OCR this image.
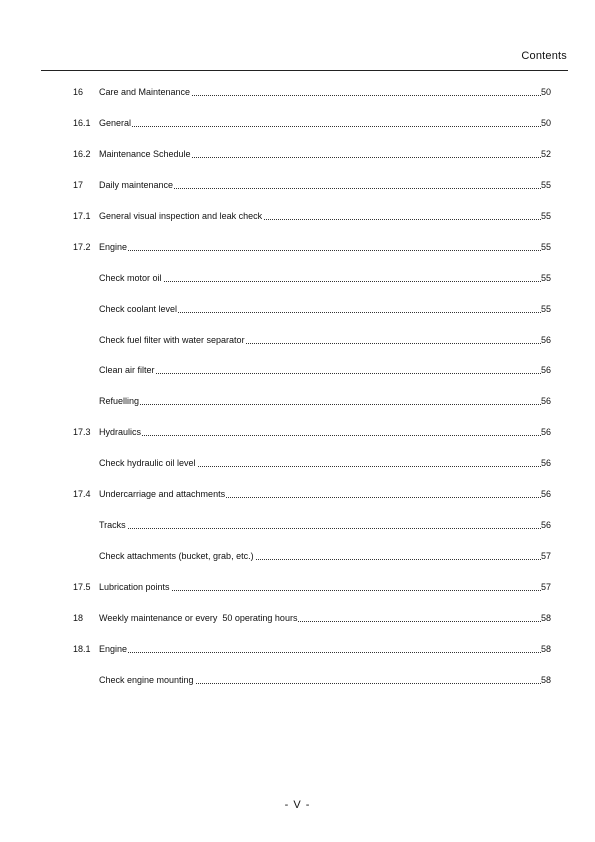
Contents
16 Care and Maintenance	50
16.1 General	50
16.2 Maintenance Schedule	52
17 Daily maintenance	55
17.1 General visual inspection and leak check	55
17.2 Engine	55
Check motor oil	55
Check coolant level	55
Check fuel filter with water separator	56
Clean air filter	56
Refuelling	56
17.3 Hydraulics	56
Check hydraulic oil level	56
17.4 Undercarriage and attachments	56
Tracks	56
Check attachments (bucket, grab, etc.)	57
17.5 Lubrication points	57
18 Weekly maintenance or every  50 operating hours	58
18.1 Engine	58
Check engine mounting	58
- V -
